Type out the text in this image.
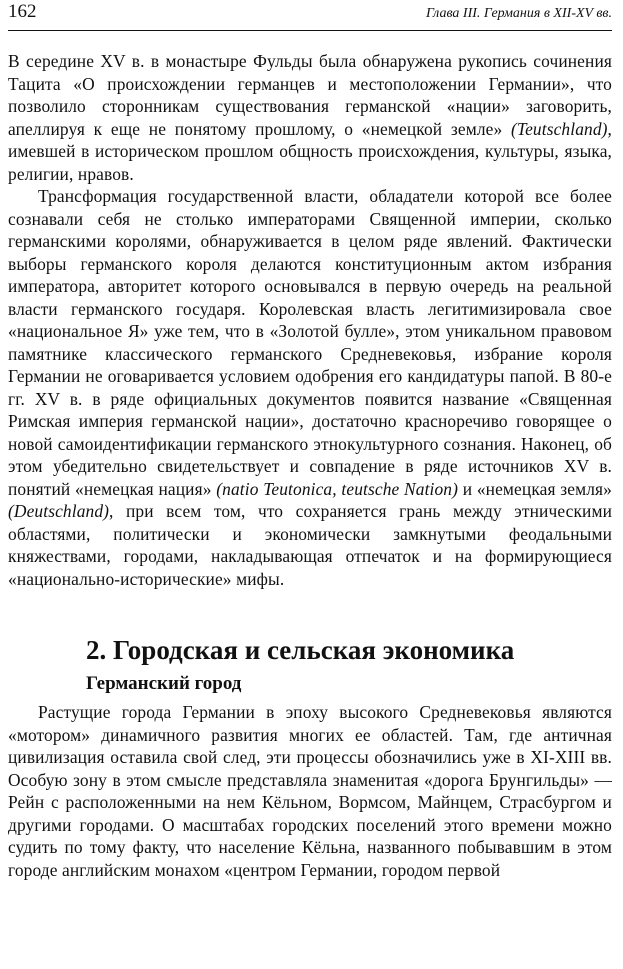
162	Глава III. Германия в XII-XV вв.

В середине XV в. в монастыре Фульды была обнаружена рукопись сочинения Тацита «О происхождении германцев и местоположении Германии», что позволило сторонникам существования германской «нации» заговорить, апеллируя к еще не понятому прошлому, о «немецкой земле» (Teutschland), имевшей в историческом прошлом общность происхождения, культуры, языка, религии, нравов.

Трансформация государственной власти, обладатели которой все более сознавали себя не столько императорами Священной империи, сколько германскими королями, обнаруживается в целом ряде явлений. Фактически выборы германского короля делаются конституционным актом избрания императора, авторитет которого основывался в первую очередь на реальной власти германского государя. Королевская власть легитимизировала свое «национальное Я» уже тем, что в «Золотой булле», этом уникальном правовом памятнике классического германского Средневековья, избрание короля Германии не оговаривается условием одобрения его кандидатуры папой. В 80-е гг. XV в. в ряде официальных документов появится название «Священная Римская империя германской нации», достаточно красноречиво говорящее о новой самоидентификации германского этнокультурного сознания. Наконец, об этом убедительно свидетельствует и совпадение в ряде источников XV в. понятий «немецкая нация» (natio Teutonica, teutsche Nation) и «немецкая земля» (Deutschland), при всем том, что сохраняется грань между этническими областями, политически и экономически замкнутыми феодальными княжествами, городами, накладывающая отпечаток и на формирующиеся «национально-исторические» мифы.

2. Городская и сельская экономика
Германский город

Растущие города Германии в эпоху высокого Средневековья являются «мотором» динамичного развития многих ее областей. Там, где античная цивилизация оставила свой след, эти процессы обозначились уже в XI-XIII вв. Особую зону в этом смысле представляла знаменитая «дорога Брунгильды» — Рейн с расположенными на нем Кёльном, Вормсом, Майнцем, Страсбургом и другими городами. О масштабах городских поселений этого времени можно судить по тому факту, что население Кёльна, названного побывавшим в этом городе английским монахом «центром Германии, городом первой
